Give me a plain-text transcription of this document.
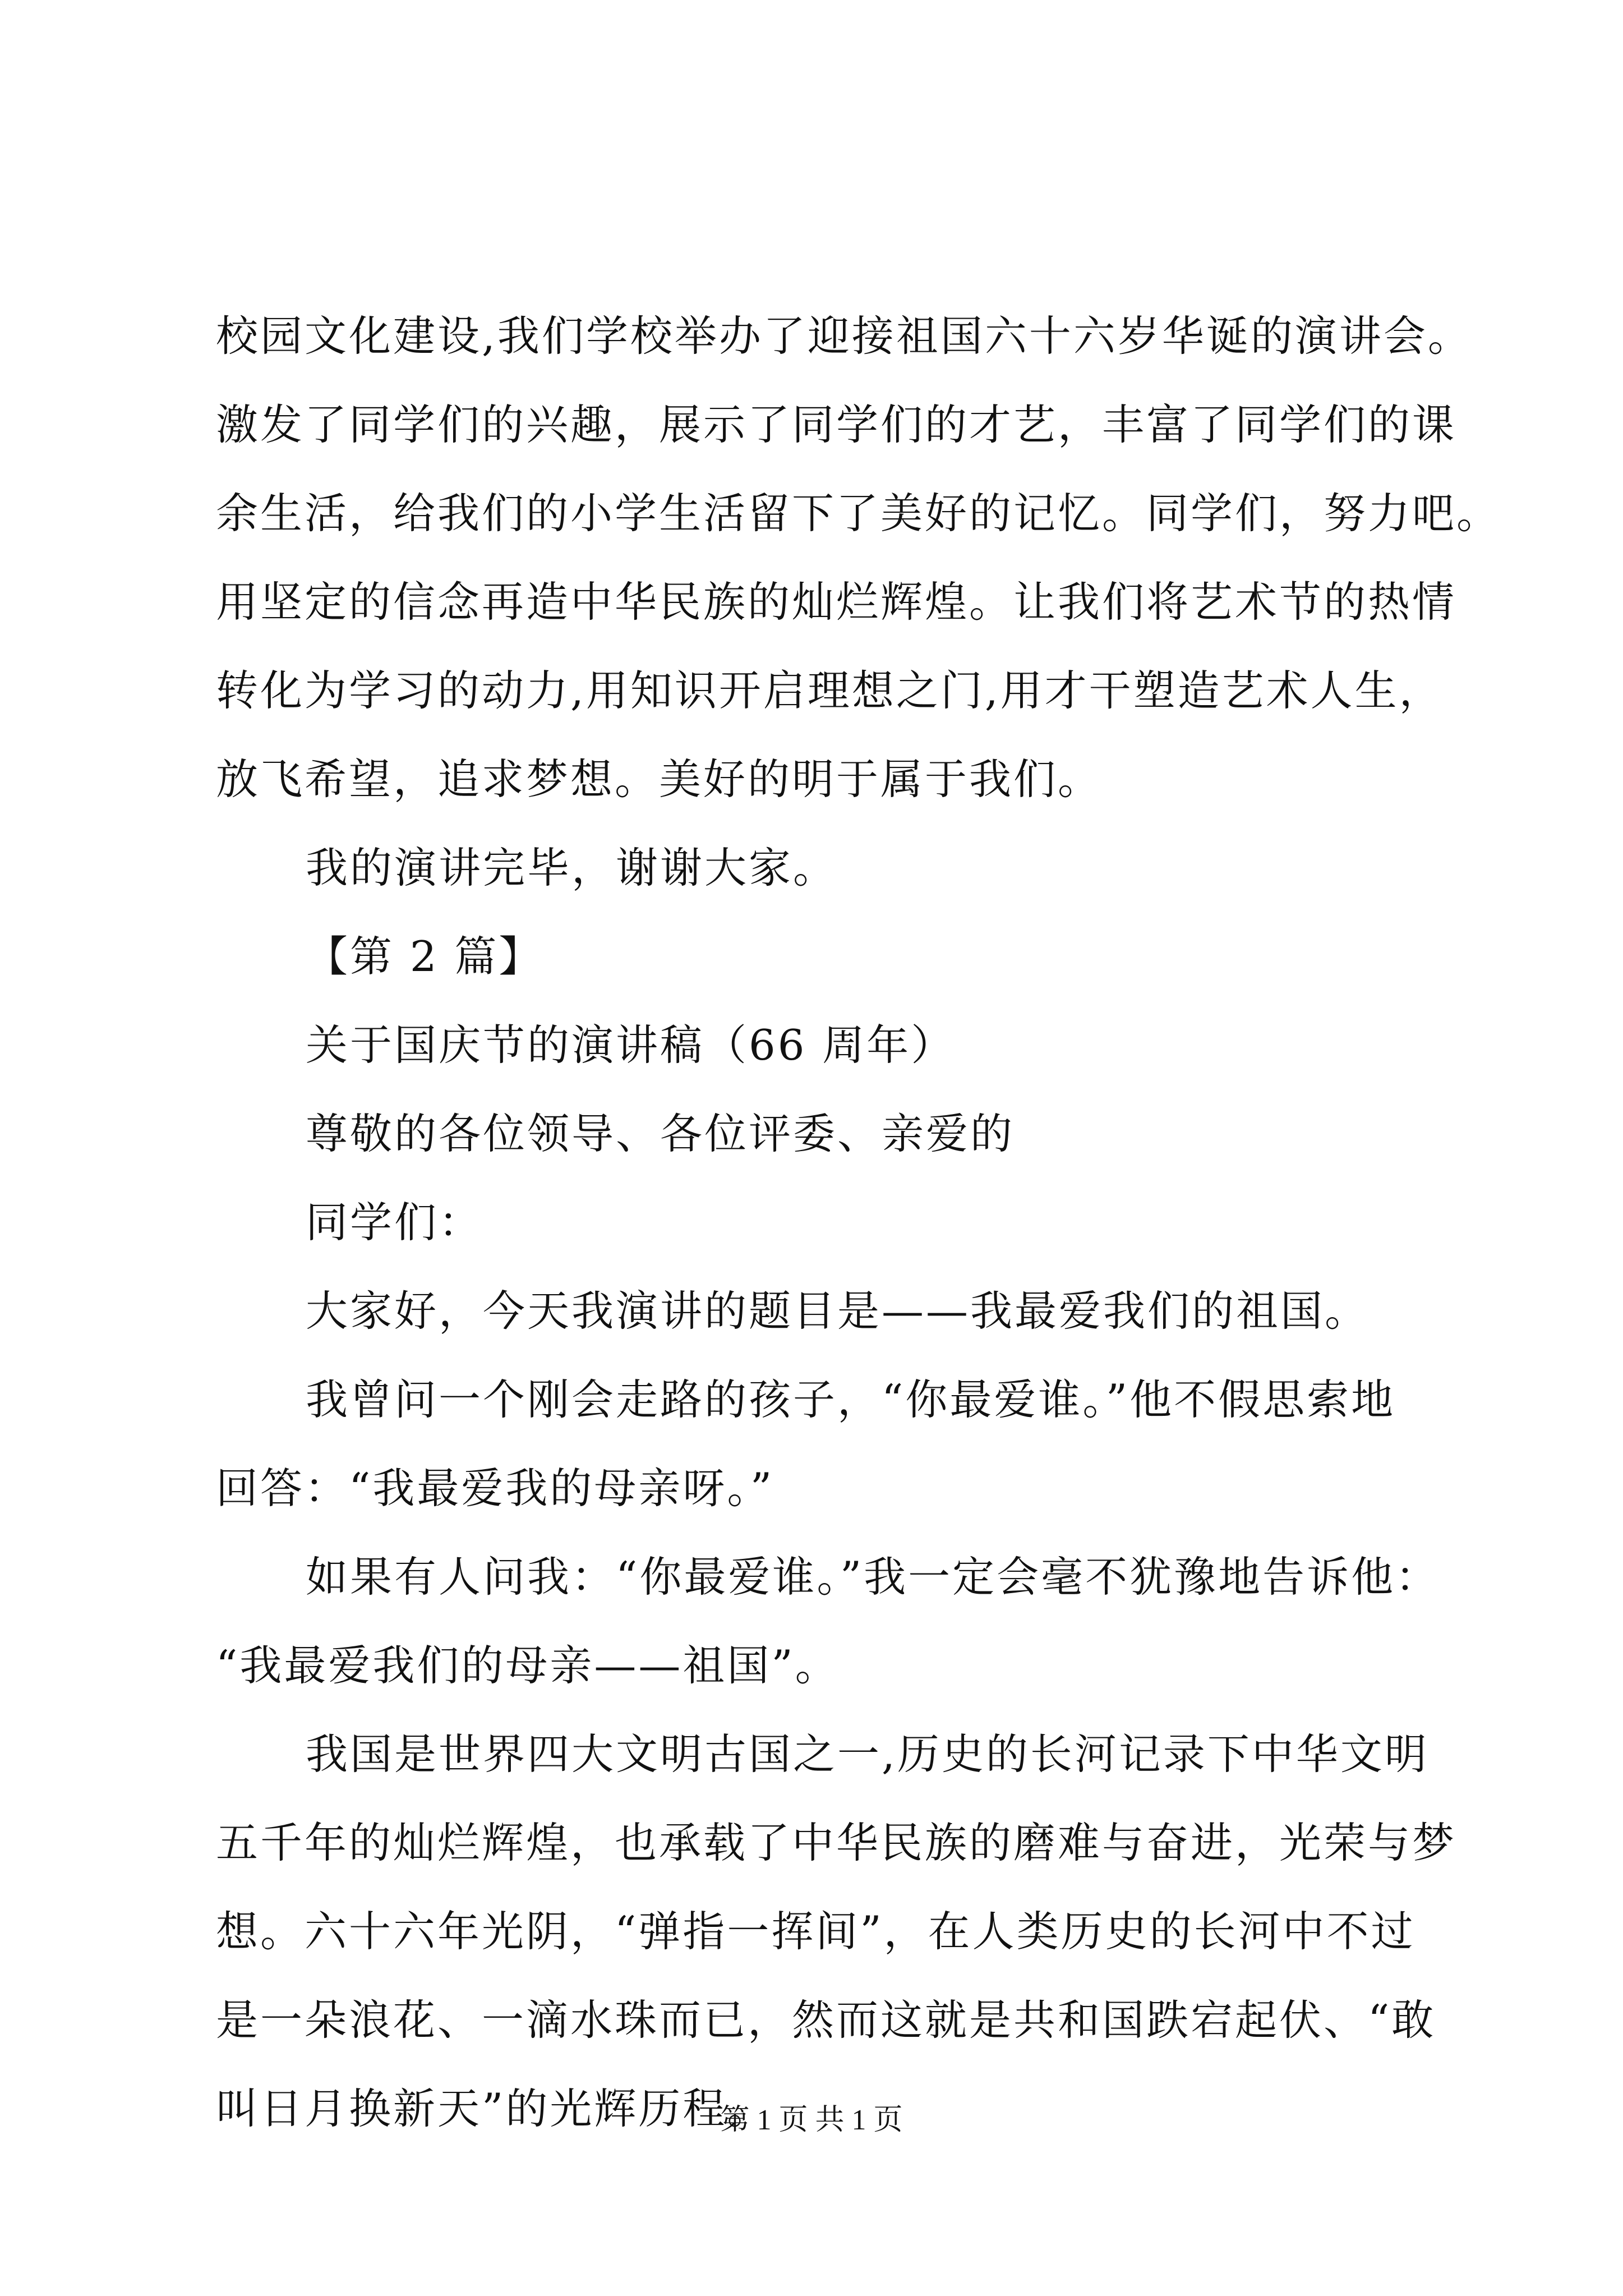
校园文化建设,我们学校举办了迎接祖国六十六岁华诞的演讲会。
激发了同学们的兴趣，展示了同学们的才艺，丰富了同学们的课
余生活，给我们的小学生活留下了美好的记忆。同学们，努力吧。
用坚定的信念再造中华民族的灿烂辉煌。让我们将艺术节的热情
转化为学习的动力,用知识开启理想之门,用才干塑造艺术人生，
放飞希望，追求梦想。美好的明于属于我们。
我的演讲完毕，谢谢大家。
【第 2 篇】
关于国庆节的演讲稿（66 周年）
尊敬的各位领导、各位评委、亲爱的
同学们：
大家好，今天我演讲的题目是——我最爱我们的祖国。
我曾问一个刚会走路的孩子，“你最爱谁。”他不假思索地
回答：“我最爱我的母亲呀。”
如果有人问我：“你最爱谁。”我一定会毫不犹豫地告诉他：
“我最爱我们的母亲——祖国”。
我国是世界四大文明古国之一,历史的长河记录下中华文明
五千年的灿烂辉煌，也承载了中华民族的磨难与奋进，光荣与梦
想。六十六年光阴，“弹指一挥间”，在人类历史的长河中不过
是一朵浪花、一滴水珠而已，然而这就是共和国跌宕起伏、“敢
叫日月换新天”的光辉历程。
第 1 页 共 1 页
